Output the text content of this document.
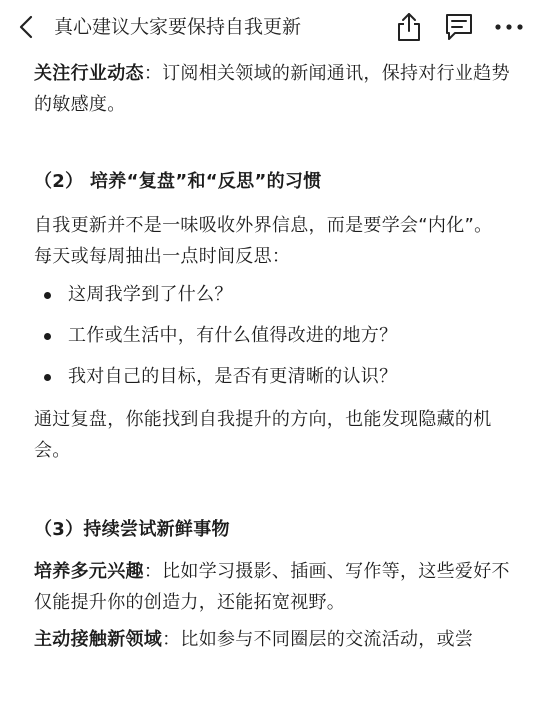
真心建议大家要保持自我更新

关注行业动态：订阅相关领域的新闻通讯，保持对行业趋势的敏感度。

（2） 培养“复盘”和“反思”的习惯

自我更新并不是一味吸收外界信息，而是要学会“内化”。每天或每周抽出一点时间反思：

这周我学到了什么？
工作或生活中，有什么值得改进的地方？
我对自己的目标，是否有更清晰的认识？

通过复盘，你能找到自我提升的方向，也能发现隐藏的机会。

（3）持续尝试新鲜事物

培养多元兴趣：比如学习摄影、插画、写作等，这些爱好不仅能提升你的创造力，还能拓宽视野。

主动接触新领域：比如参与不同圈层的交流活动，或尝
